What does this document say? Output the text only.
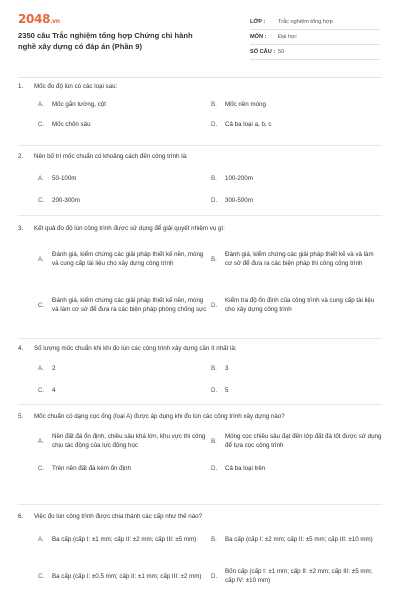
2048.vn
2350 câu Trắc nghiệm tổng hợp Chứng chỉ hành nghề xây dựng có đáp án (Phần 9)
LỚP :	Trắc nghiệm tổng hợp
MÔN :	Đại học
SỐ CÂU : 50
1.	Mốc đo độ lún có các loại sau:
A.	Mốc gắn tường, cột	B.	Mốc nền móng
C.	Mốc chôn sâu	D.	Cả ba loại a, b, c
2.	Nên bố trí mốc chuẩn có khoảng cách đến công trình là:
A.	50-100m	B.	100-200m
C.	200-300m	D.	300-500m
3.	Kết quả đo độ lún công trình được sử dụng để giải quyết nhiệm vụ gì:
A.
Đánh giá, kiểm chứng các giải pháp thiết kế nền, móng và cung cấp tài liệu cho xây dựng công trình
B.
Đánh giá, kiểm chứng các giải pháp thiết kế và và làm cơ sở để đưa ra các biện pháp thi công công trình
C.
Đánh giá, kiểm chứng các giải pháp thiết kế nền, móng và làm cơ sở để đưa ra các biện pháp phòng chống sực
D.
Kiểm tra độ ổn định của công trình và cung cấp tài liệu cho xây dựng công trình
4.	Số lượng mốc chuẩn khi khi đo lún các công trình xây dựng cần ít nhất là:
A.	2	B.	3
C.	4	D.	5
5.	Mốc chuẩn có dạng cọc ống (loại A) được áp dụng khi đo lún các công trình xây dựng nào?
A.
Nền đất đá ổn định, chiều sâu khá lớn, khu vực thi công chịu tác động của lực động học
B.
Móng cọc chiều sâu đạt đến lớp đất đá tốt được sử dụng để tựa cọc công trình
C.	Trên nền đất đá kém ổn định	D.	Cả ba loại trên
6.	Việc đo lún công trình được chia thành các cấp như thế nào?
A.	Ba cấp (cấp I: ±1 mm; cấp II: ±2 mm; cấp III: ±5 mm) B.	Ba cấp (cấp I: ±2 mm; cấp II: ±5 mm; cấp III: ±10 mm)
C.	Ba cấp (cấp I: ±0.5 mm; cấp II: ±1 mm; cấp III: ±2 mm) D.
Bốn cấp (cấp I: ±1 mm; cấp II: ±2 mm; cấp III: ±5 mm; cấp IV: ±10 mm)
